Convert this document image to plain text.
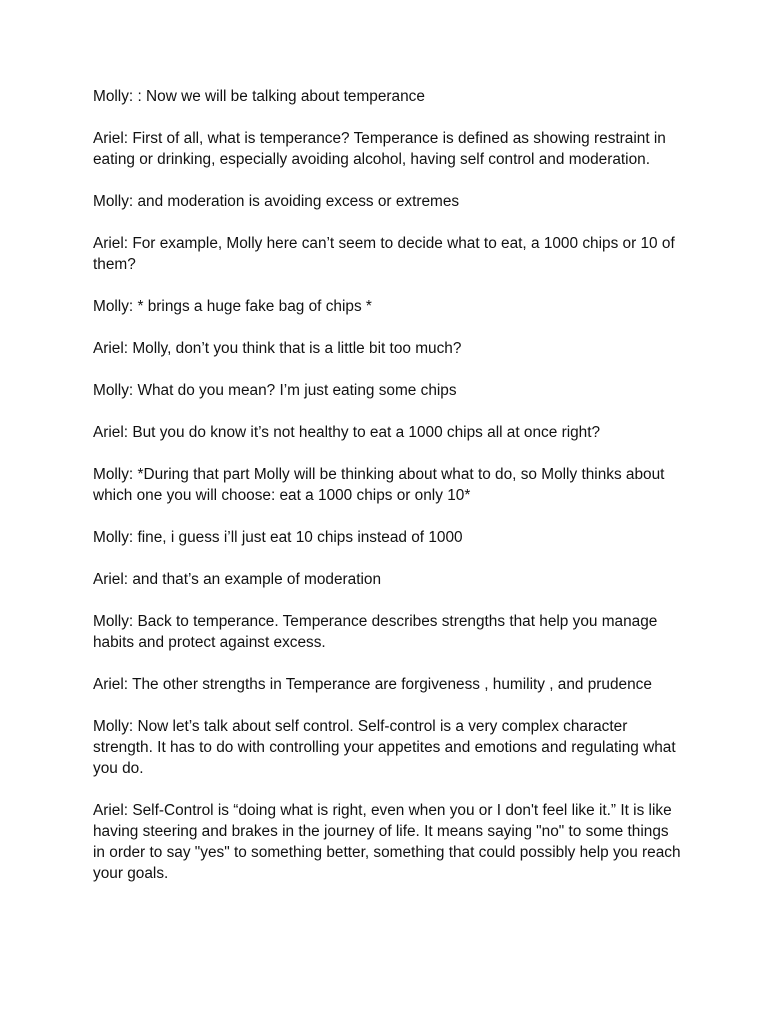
Molly: : Now we will be talking about temperance

Ariel: First of all, what is temperance? Temperance is defined as showing restraint in eating or drinking, especially avoiding alcohol, having self control and moderation.

Molly: and moderation is avoiding excess or extremes

Ariel: For example, Molly here can’t seem to decide what to eat, a 1000 chips or 10 of them?

Molly: * brings a huge fake bag of chips *

Ariel: Molly, don’t you think that is a little bit too much?

Molly: What do you mean? I’m just eating some chips

Ariel: But you do know it’s not healthy to eat a 1000 chips all at once right?

Molly: *During that part Molly will be thinking about what to do, so Molly thinks about which one you will choose: eat a 1000 chips or only 10*

Molly: fine, i guess i’ll just eat 10 chips instead of 1000

Ariel: and that’s an example of moderation

Molly: Back to temperance. Temperance describes strengths that help you manage habits and protect against excess.

Ariel: The other strengths in Temperance are forgiveness , humility , and prudence

Molly: Now let’s talk about self control. Self-control is a very complex character strength. It has to do with controlling your appetites and emotions and regulating what you do.

Ariel: Self-Control is “doing what is right, even when you or I don't feel like it.” It is like having steering and brakes in the journey of life. It means saying "no" to some things in order to say "yes" to something better, something that could possibly help you reach your goals.
